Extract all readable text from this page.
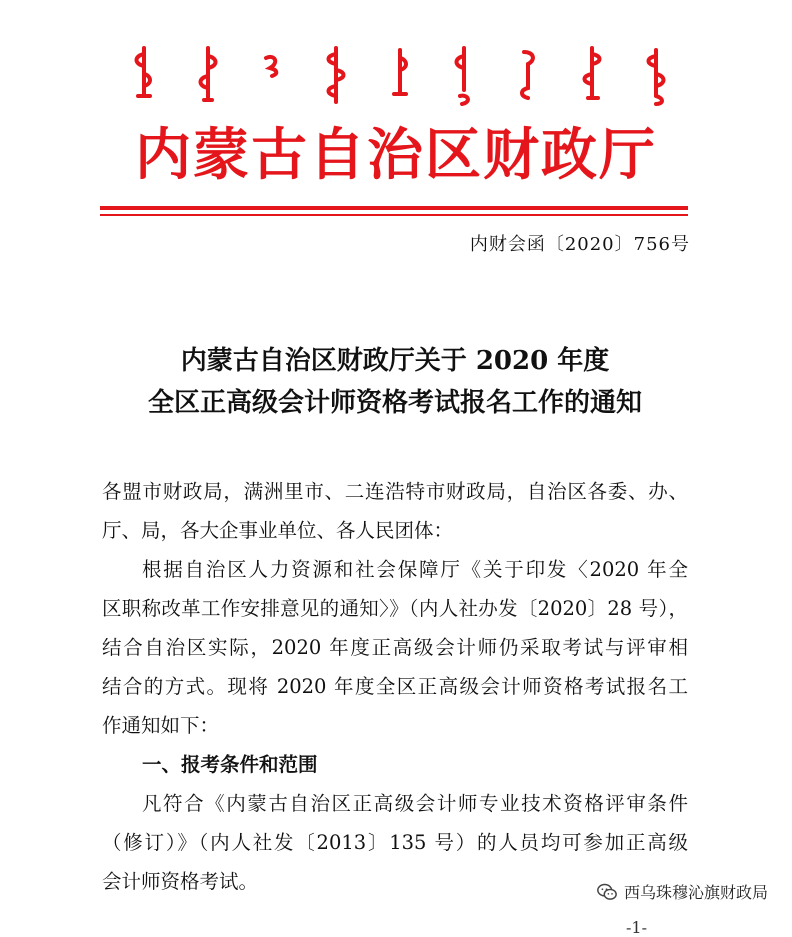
内蒙古自治区财政厅
内财会函〔2020〕756号
内蒙古自治区财政厅关于 2020 年度
全区正高级会计师资格考试报名工作的通知
各盟市财政局，满洲里市、二连浩特市财政局，自治区各委、办、
厅、局，各大企事业单位、各人民团体：
根据自治区人力资源和社会保障厅《关于印发〈2020 年全
区职称改革工作安排意见的通知〉》（内人社办发〔2020〕28 号），
结合自治区实际，2020 年度正高级会计师仍采取考试与评审相
结合的方式。现将 2020 年度全区正高级会计师资格考试报名工
作通知如下：
一、报考条件和范围
凡符合《内蒙古自治区正高级会计师专业技术资格评审条件
（修订）》（内人社发〔2013〕135 号）的人员均可参加正高级
会计师资格考试。	西乌珠穆沁旗财政局
-1-
